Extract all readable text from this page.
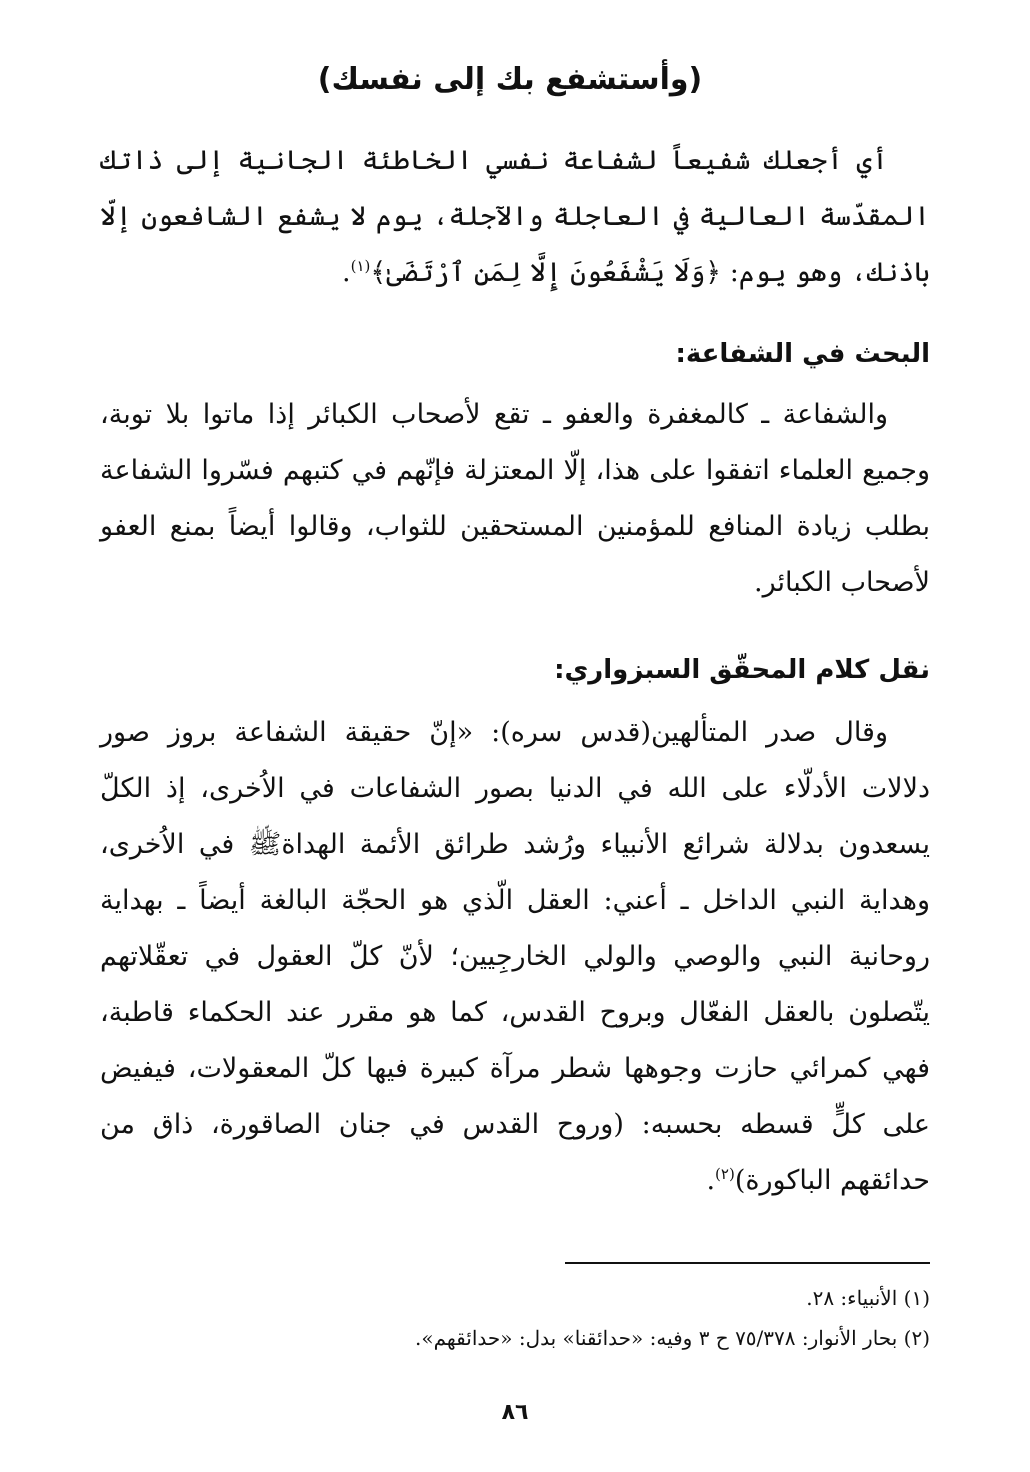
(وأستشفع بك إلى نفسك)
أي أجعلك شفيعاً لشفاعة نفسي الخاطئة الجانية إلى ذاتك المقدّسة العالية في العاجلة والآجلة، يوم لا يشفع الشافعون إلّا باذنك، وهو يوم: ﴿وَلَا يَشْفَعُونَ إِلَّا لِمَنِ ٱرْتَضَىٰ﴾$^{(١)}$.
البحث في الشفاعة:
والشفاعة ـ كالمغفرة والعفو ـ تقع لأصحاب الكبائر إذا ماتوا بلا توبة، وجميع العلماء اتفقوا على هذا، إلّا المعتزلة فإنّهم في كتبهم فسّروا الشفاعة بطلب زيادة المنافع للمؤمنين المستحقين للثواب، وقالوا أيضاً بمنع العفو لأصحاب الكبائر.
نقل كلام المحقّق السبزواري:
وقال صدر المتألهين(قدس سره): «إنّ حقيقة الشفاعة بروز صور دلالات الأدلّاء على الله في الدنيا بصور الشفاعات في الاُخرى، إذ الكلّ يسعدون بدلالة شرائع الأنبياء ورُشد طرائق الأئمة الهداةﷺ في الاُخرى، وهداية النبي الداخل ـ أعني: العقل الّذي هو الحجّة البالغة أيضاً ـ بهداية روحانية النبي والوصي والولي الخارجِيين؛ لأنّ كلّ العقول في تعقّلاتهم يتّصلون بالعقل الفعّال وبروح القدس، كما هو مقرر عند الحكماء قاطبة، فهي كمرائي حازت وجوهها شطر مرآة كبيرة فيها كلّ المعقولات، فيفيض على كلٍّ قسطه بحسبه: (وروح القدس في جنان الصاقورة، ذاق من حدائقهم الباكورة)$^{(٢)}$.
(١) الأنبياء: ٢٨.
(٢) بحار الأنوار: ٧٥/٣٧٨ ح ٣ وفيه: «حدائقنا» بدل: «حدائقهم».
٨٦
